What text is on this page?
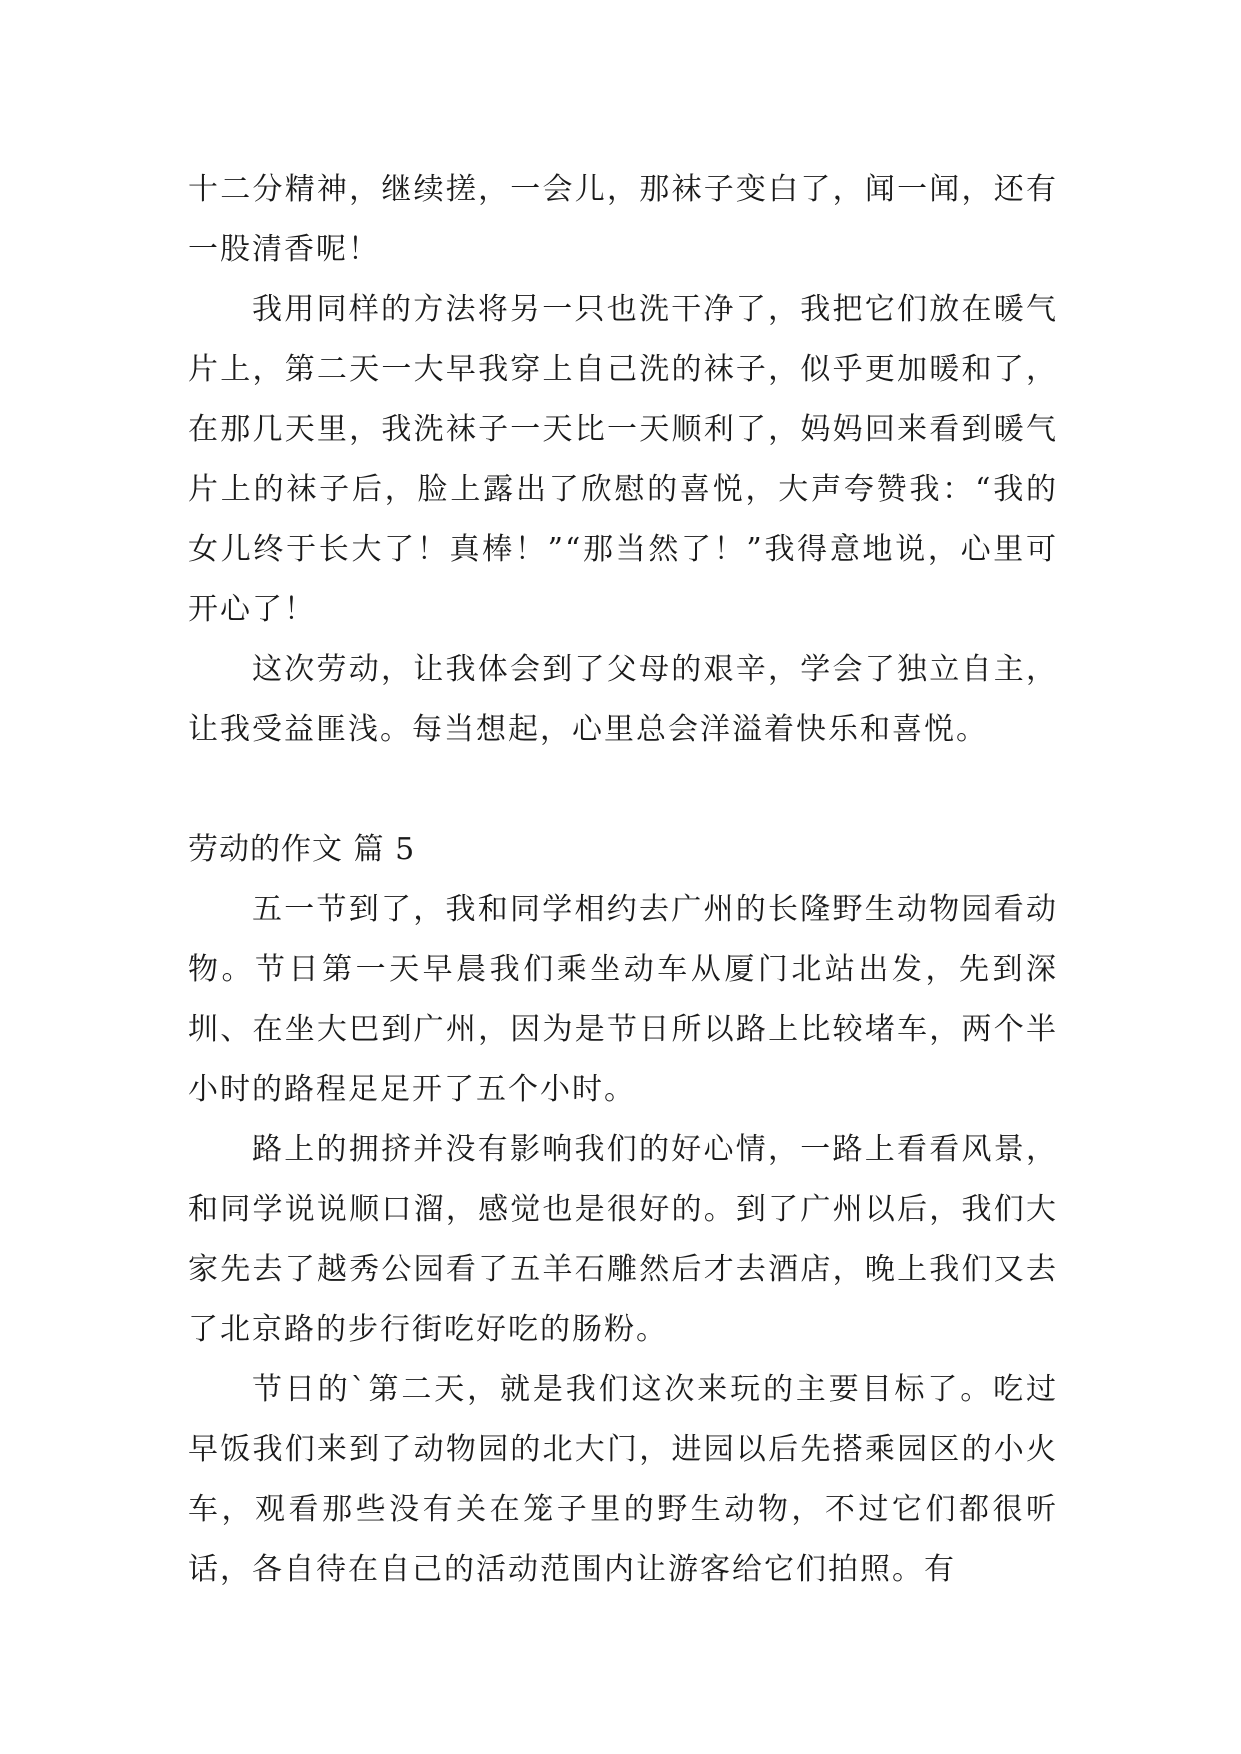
十二分精神，继续搓，一会儿，那袜子变白了，闻一闻，还有一股清香呢！

我用同样的方法将另一只也洗干净了，我把它们放在暖气片上，第二天一大早我穿上自己洗的袜子，似乎更加暖和了，在那几天里，我洗袜子一天比一天顺利了，妈妈回来看到暖气片上的袜子后，脸上露出了欣慰的喜悦，大声夸赞我：“我的女儿终于长大了！真棒！”“那当然了！”我得意地说，心里可开心了！

这次劳动，让我体会到了父母的艰辛，学会了独立自主，让我受益匪浅。每当想起，心里总会洋溢着快乐和喜悦。

劳动的作文 篇 5

五一节到了，我和同学相约去广州的长隆野生动物园看动物。节日第一天早晨我们乘坐动车从厦门北站出发，先到深圳、在坐大巴到广州，因为是节日所以路上比较堵车，两个半小时的路程足足开了五个小时。

路上的拥挤并没有影响我们的好心情，一路上看看风景，和同学说说顺口溜，感觉也是很好的。到了广州以后，我们大家先去了越秀公园看了五羊石雕然后才去酒店，晚上我们又去了北京路的步行街吃好吃的肠粉。

节日的`第二天，就是我们这次来玩的主要目标了。吃过早饭我们来到了动物园的北大门，进园以后先搭乘园区的小火车，观看那些没有关在笼子里的野生动物，不过它们都很听话，各自待在自己的活动范围内让游客给它们拍照。有
